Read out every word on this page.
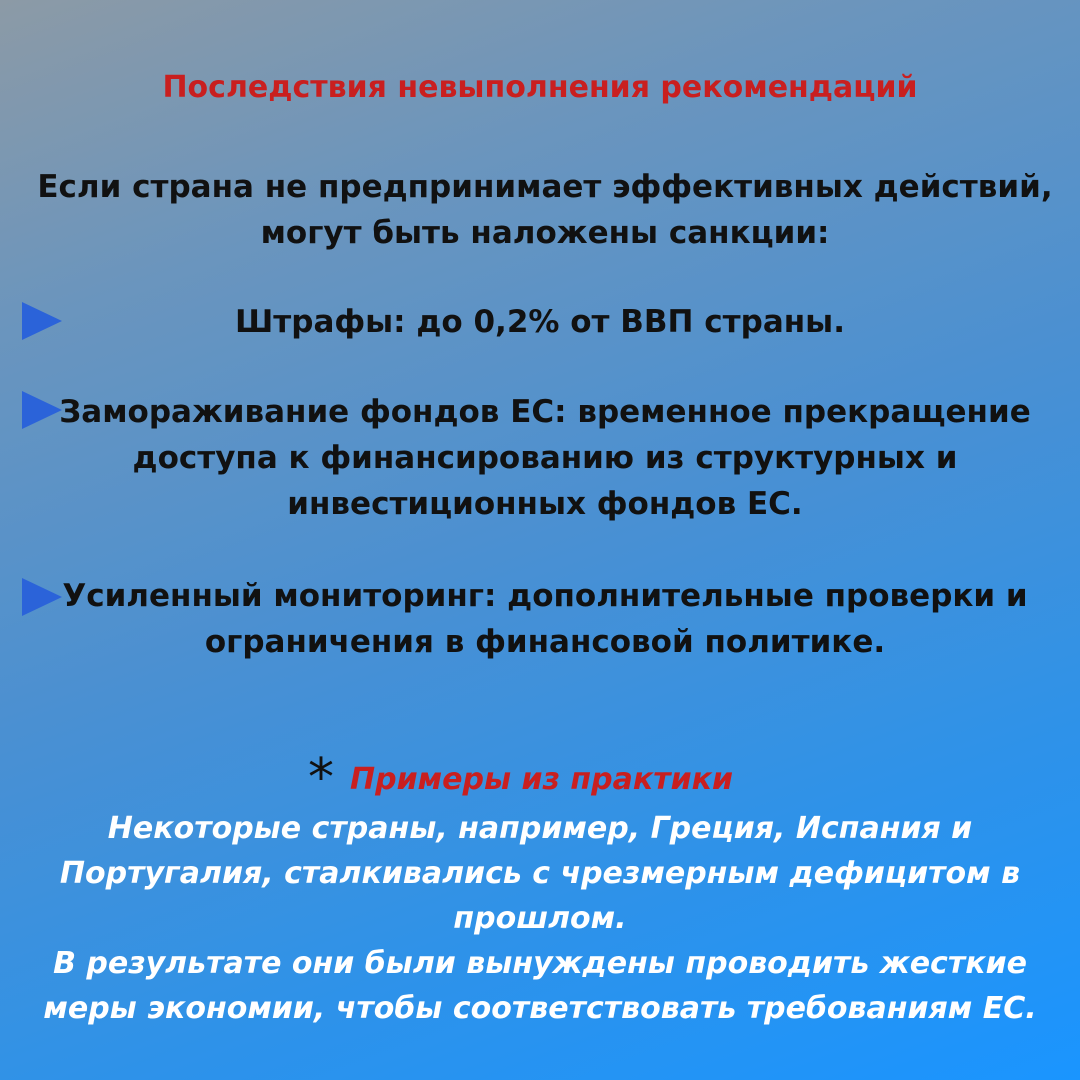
Последствия невыполнения рекомендаций
Если страна не предпринимает эффективных действий,
могут быть наложены санкции:
Штрафы: до 0,2% от ВВП страны.
Замораживание фондов ЕС: временное прекращение
доступа к финансированию из структурных и
инвестиционных фондов ЕС.
Усиленный мониторинг: дополнительные проверки и
ограничения в финансовой политике.
* Примеры из практики
Некоторые страны, например, Греция, Испания и
Португалия, сталкивались с чрезмерным дефицитом в
прошлом.
В результате они были вынуждены проводить жесткие
меры экономии, чтобы соответствовать требованиям ЕС.
